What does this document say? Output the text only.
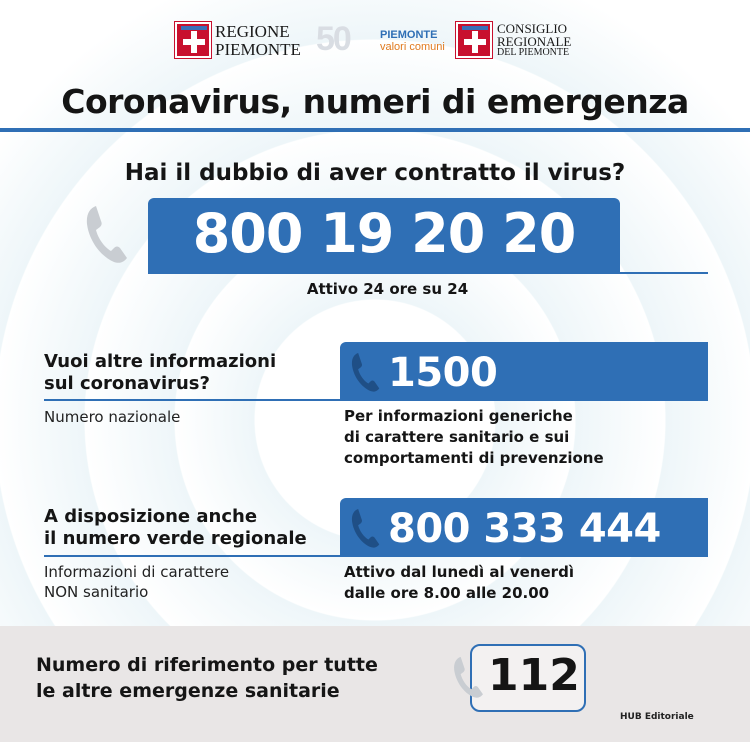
REGIONE
PIEMONTE 50	PIEMONTE
valori comuni
CONSIGLIO
REGIONALE
DEL PIEMONTE
Coronavirus, numeri di emergenza
Hai il dubbio di aver contratto il virus?
800 19 20 20
Attivo 24 ore su 24
Vuoi altre informazioni
sul coronavirus?	1500
Numero nazionale	Per informazioni generiche
di carattere sanitario e sui
comportamenti di prevenzione
A disposizione anche
il numero verde regionale 800 333 444
Informazioni di carattere
NON sanitario
Attivo dal lunedì al venerdì
dalle ore 8.00 alle 20.00
Numero di riferimento per tutte
le altre emergenze sanitarie	112
HUB Editoriale
